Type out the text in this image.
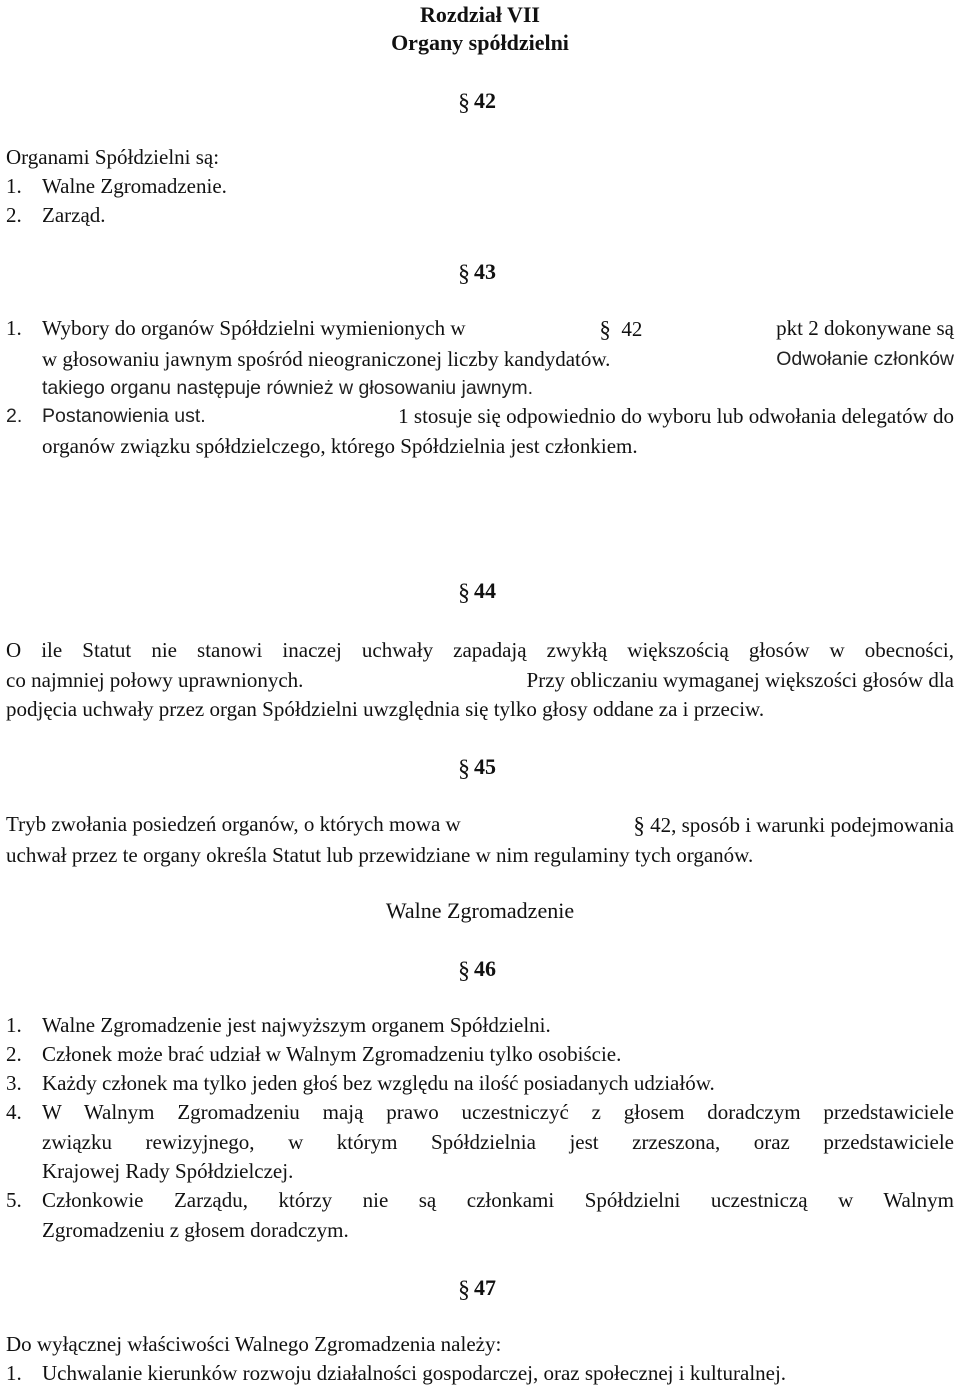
Rozdział VII
Organy spółdzielni
§ 42
Organami Spółdzielni są:
1. Walne Zgromadzenie.
2. Zarząd.
§ 43
1. Wybory do organów Spółdzielni wymienionych w	§ 42	pkt 2 dokonywane są
w głosowaniu jawnym spośród nieograniczonej liczby kandydatów.	Odwołanie członków
takiego organu następuje również w głosowaniu jawnym.
2. Postanowienia ust.	1 stosuje się odpowiednio do wyboru lub odwołania delegatów do
organów związku spółdzielczego, którego Spółdzielnia jest członkiem.
§ 44
O ile Statut nie stanowi inaczej uchwały zapadają zwykłą większością głosów w obecności,
co najmniej połowy uprawnionych.	Przy obliczaniu wymaganej większości głosów dla
podjęcia uchwały przez organ Spółdzielni uwzględnia się tylko głosy oddane za i przeciw.
§ 45
Tryb zwołania posiedzeń organów, o których mowa w	§ 42, sposób i warunki podejmowania
uchwał przez te organy określa Statut lub przewidziane w nim regulaminy tych organów.
Walne Zgromadzenie
§ 46
1. Walne Zgromadzenie jest najwyższym organem Spółdzielni.
2. Członek może brać udział w Walnym Zgromadzeniu tylko osobiście.
3. Każdy członek ma tylko jeden głoś bez względu na ilość posiadanych udziałów.
4. W Walnym Zgromadzeniu mają prawo uczestniczyć z głosem doradczym przedstawiciele
związku rewizyjnego, w którym Spółdzielnia jest zrzeszona, oraz przedstawiciele
Krajowej Rady Spółdzielczej.
5. Członkowie Zarządu, którzy nie są członkami Spółdzielni uczestniczą w Walnym
Zgromadzeniu z głosem doradczym.
§ 47
Do wyłącznej właściwości Walnego Zgromadzenia należy:
1. Uchwalanie kierunków rozwoju działalności gospodarczej, oraz społecznej i kulturalnej.
